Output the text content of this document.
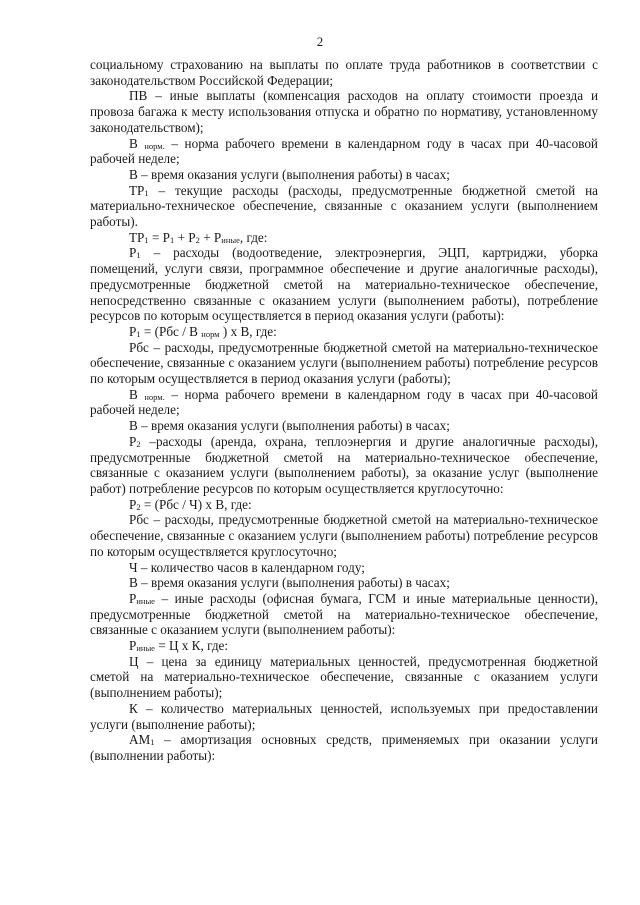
2

социальному страхованию на выплаты по оплате труда работников в соответствии с законодательством Российской Федерации;

ПВ – иные выплаты (компенсация расходов на оплату стоимости проезда и провоза багажа к месту использования отпуска и обратно по нормативу, установленному законодательством);

В $_{норм.}$ – норма рабочего времени в календарном году в часах при 40-часовой рабочей неделе;

В – время оказания услуги (выполнения работы) в часах;

$ТР_1$ – текущие расходы (расходы, предусмотренные бюджетной сметой на материально-техническое обеспечение, связанные с оказанием услуги (выполнением работы).

$ТР_1 = Р_1 + Р_2 + Р_{иные}$, где:

$Р_1$ – расходы (водоотведение, электроэнергия, ЭЦП, картриджи, уборка помещений, услуги связи, программное обеспечение и другие аналогичные расходы), предусмотренные бюджетной сметой на материально-техническое обеспечение, непосредственно связанные с оказанием услуги (выполнением работы), потребление ресурсов по которым осуществляется в период оказания услуги (работы):

$Р_1 = (Рбс / В$ $_{норм}$ ) х В, где:

Рбс – расходы, предусмотренные бюджетной сметой на материально-техническое обеспечение, связанные с оказанием услуги (выполнением работы) потребление ресурсов по которым осуществляется в период оказания услуги (работы);

В $_{норм.}$ – норма рабочего времени в календарном году в часах при 40-часовой рабочей неделе;

В – время оказания услуги (выполнения работы) в часах;

$Р_2$ –расходы (аренда, охрана, теплоэнергия и другие аналогичные расходы), предусмотренные бюджетной сметой на материально-техническое обеспечение, связанные с оказанием услуги (выполнением работы), за оказание услуг (выполнение работ) потребление ресурсов по которым осуществляется круглосуточно:

$Р_2 = (Рбс / Ч)$ х В, где:

Рбс – расходы, предусмотренные бюджетной сметой на материально-техническое обеспечение, связанные с оказанием услуги (выполнением работы) потребление ресурсов по которым осуществляется круглосуточно;

Ч – количество часов в календарном году;

В – время оказания услуги (выполнения работы) в часах;

$Р_{иные}$ – иные расходы (офисная бумага, ГСМ и иные материальные ценности), предусмотренные бюджетной сметой на материально-техническое обеспечение, связанные с оказанием услуги (выполнением работы):

$Р_{иные} = Ц$ х К, где:

Ц – цена за единицу материальных ценностей, предусмотренная бюджетной сметой на материально-техническое обеспечение, связанные с оказанием услуги (выполнением работы);

К – количество материальных ценностей, используемых при предоставлении услуги (выполнение работы);

$АМ_1$ – амортизация основных средств, применяемых при оказании услуги (выполнении работы):
